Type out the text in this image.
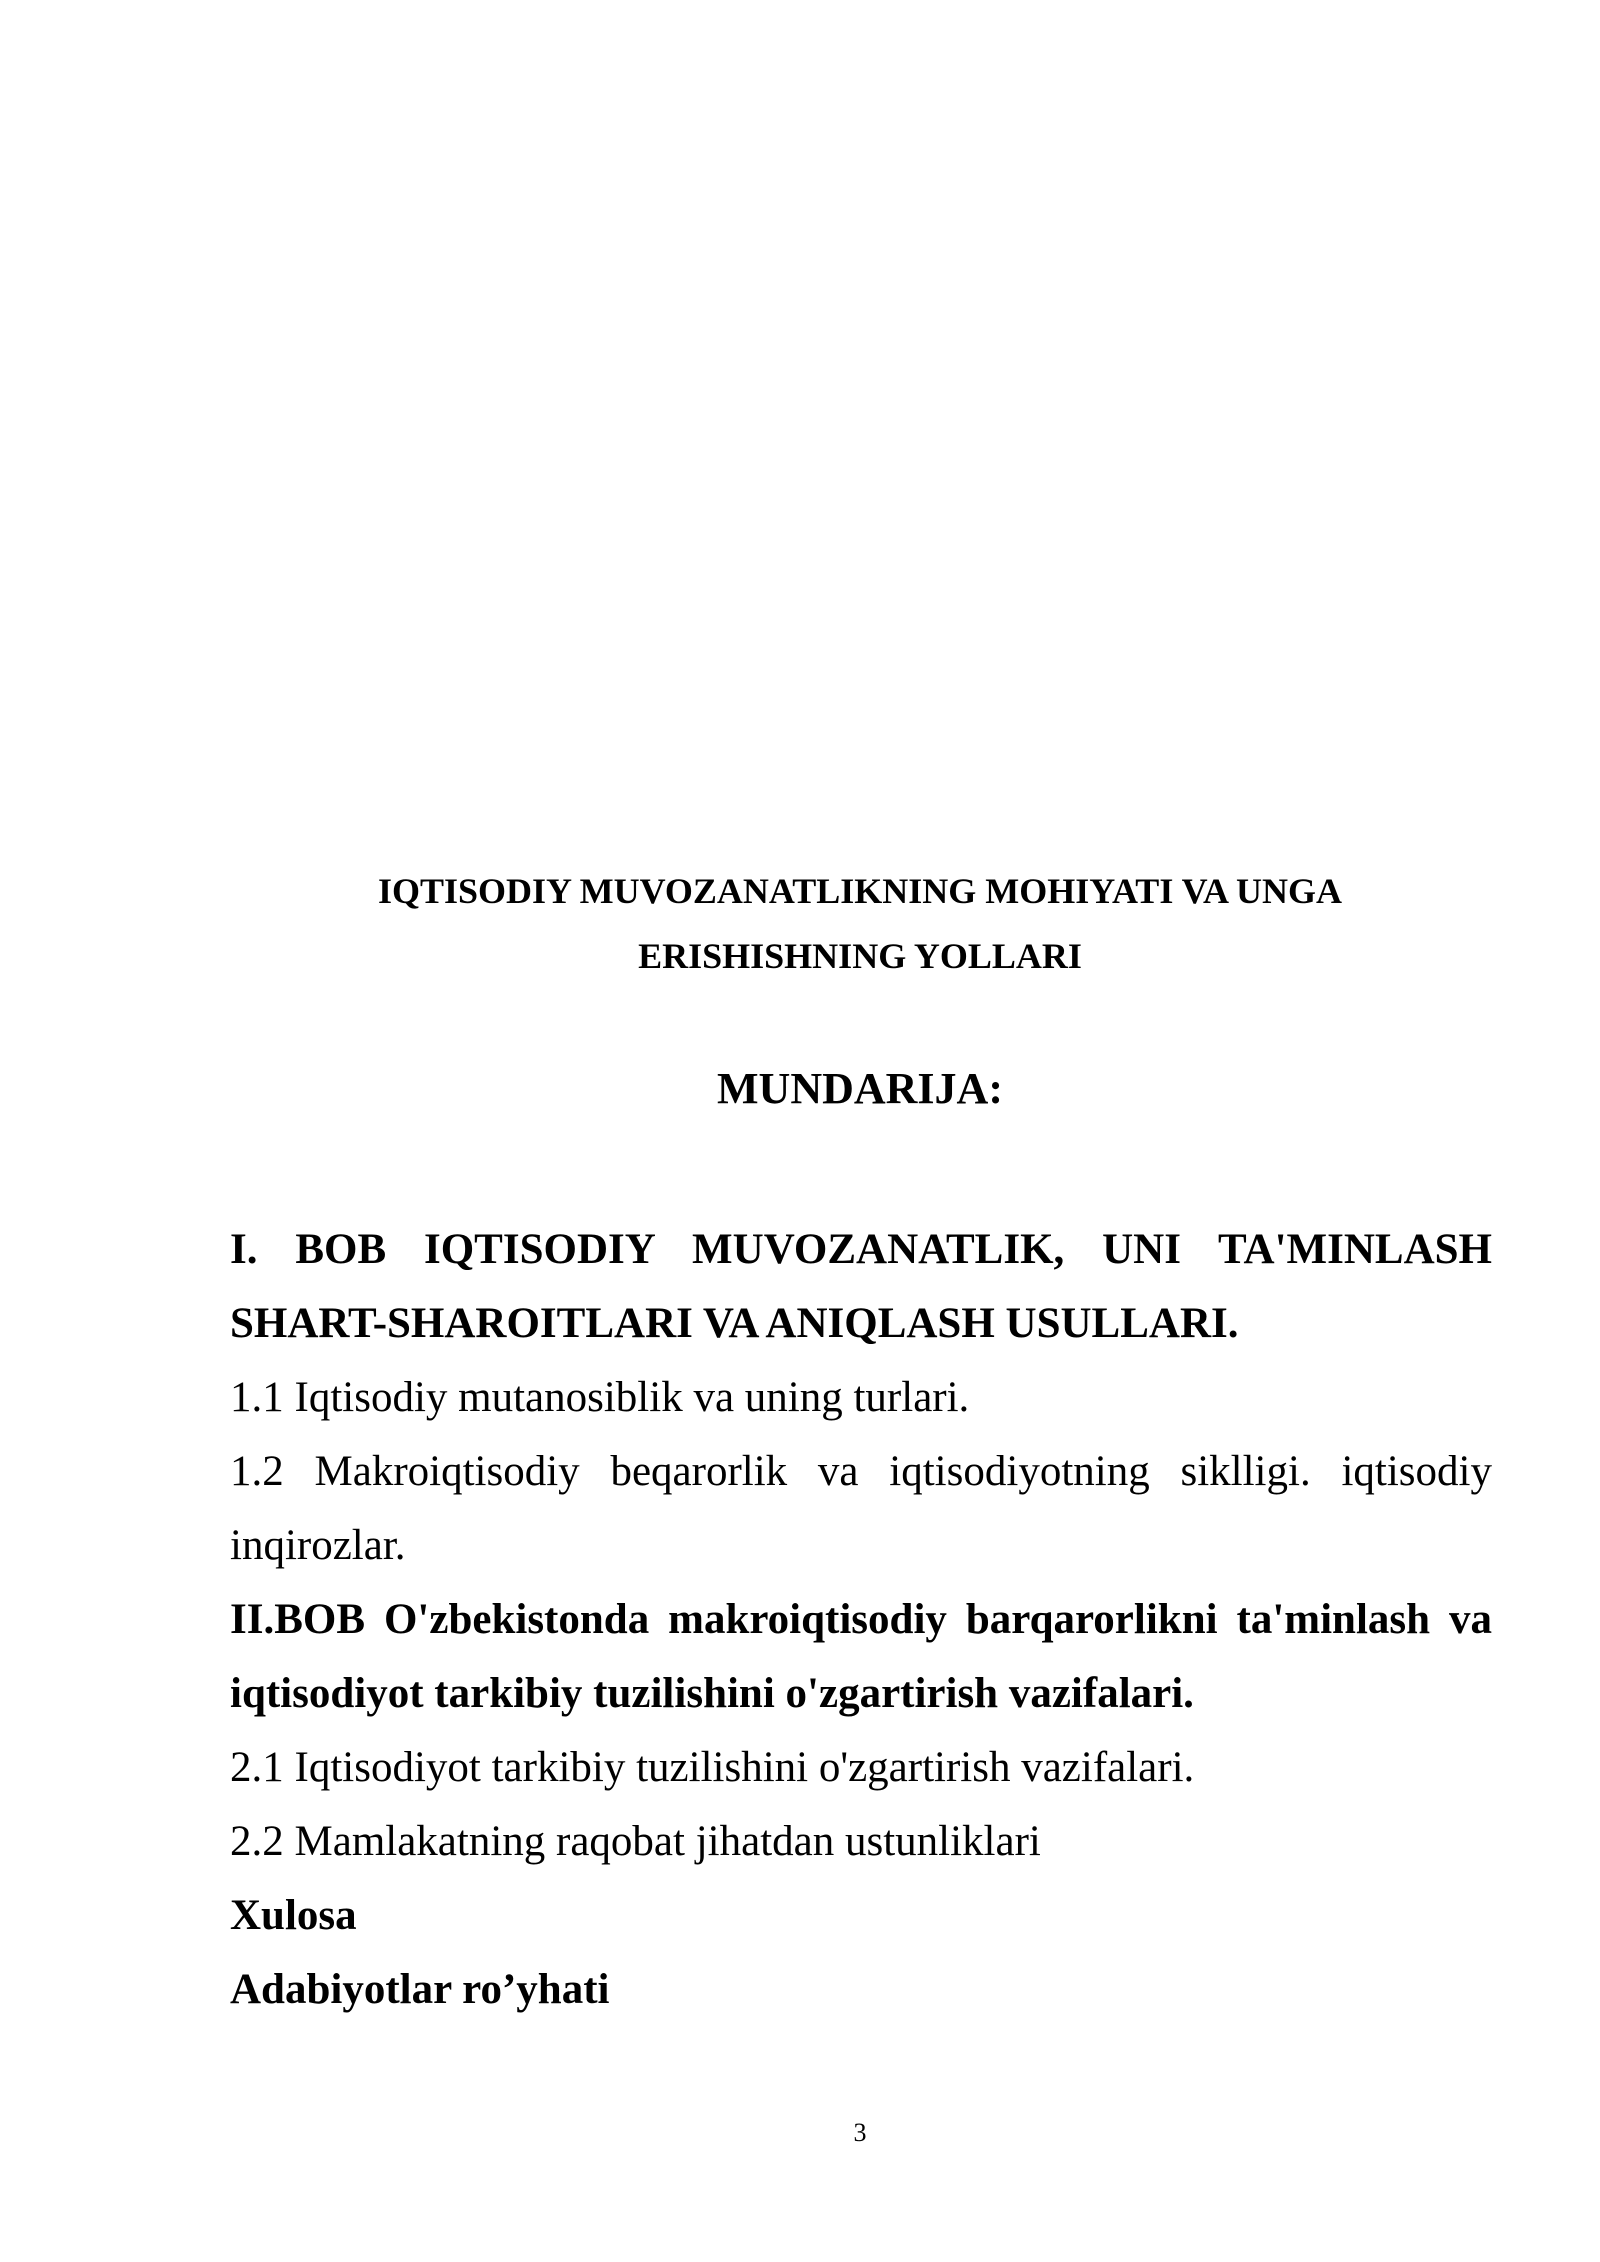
IQTISODIY MUVOZANATLIKNING MOHIYATI VA UNGA
ERISHISHNING YOLLARI
MUNDARIJA:

I. BOB IQTISODIY MUVOZANATLIK, UNI TA'MINLASH
SHART-SHAROITLARI VA ANIQLASH USULLARI.

1.1 Iqtisodiy mutanosiblik va uning turlari.

1.2 Makroiqtisodiy beqarorlik va iqtisodiyotning siklligi. iqtisodiy
inqirozlar.

II.BOB O'zbekistonda makroiqtisodiy barqarorlikni ta'minlash va
iqtisodiyot tarkibiy tuzilishini o'zgartirish vazifalari.

2.1 Iqtisodiyot tarkibiy tuzilishini o'zgartirish vazifalari.

2.2 Mamlakatning raqobat jihatdan ustunliklari

Xulosa

Adabiyotlar ro’yhati

3
